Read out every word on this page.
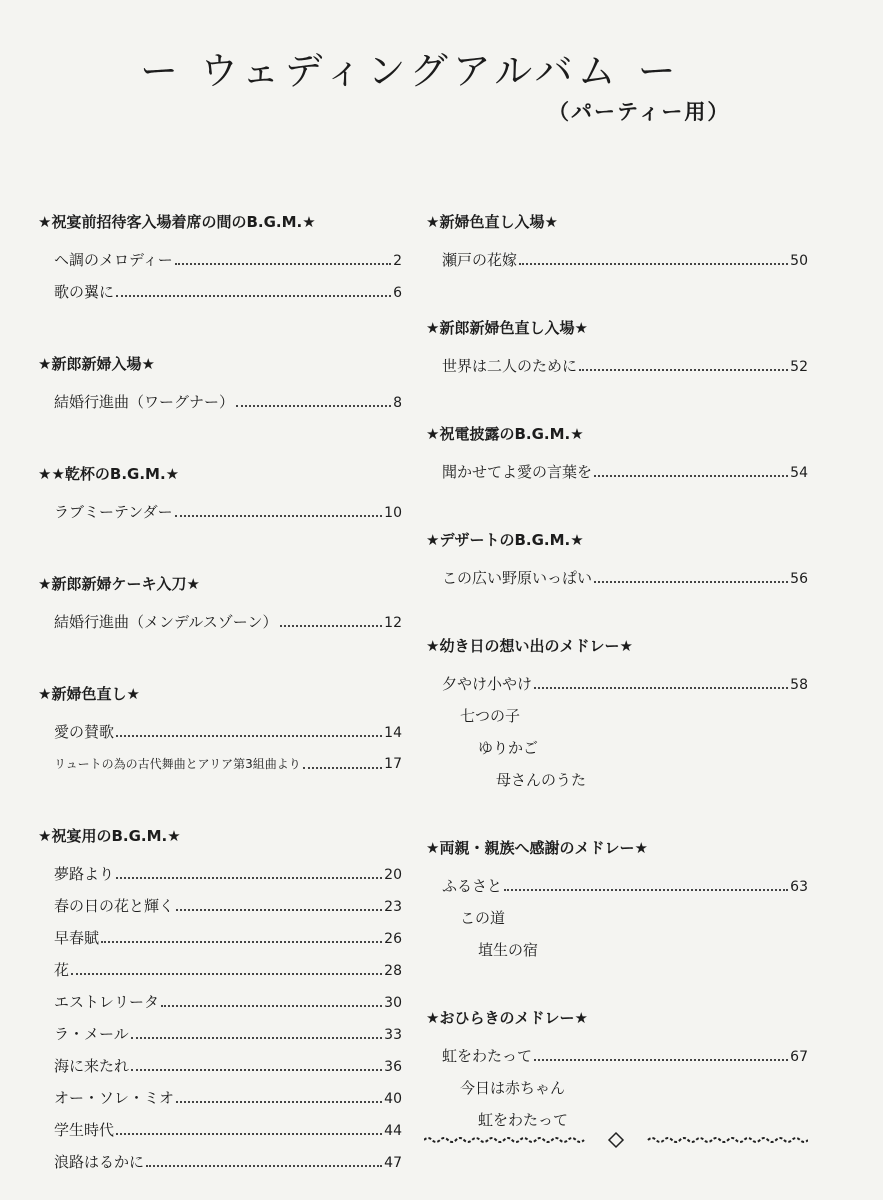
ー ウェディングアルバム ー
（パーティー用）
★祝宴前招待客入場着席の間のB.G.M.★
ヘ調のメロディー	2
歌の翼に	6
★新郎新婦入場★
結婚行進曲（ワーグナー）	8
★★乾杯のB.G.M.★
ラブミーテンダー	10
★新郎新婦ケーキ入刀★
結婚行進曲（メンデルスゾーン）	12
★新婦色直し★
愛の賛歌	14
リュートの為の古代舞曲とアリア第3組曲より	17
★祝宴用のB.G.M.★
夢路より	20
春の日の花と輝く	23
早春賦	26
花	28
エストレリータ	30
ラ・メール	33
海に来たれ	36
オー・ソレ・ミオ	40
学生時代	44
浪路はるかに	47
★新婦色直し入場★
瀬戸の花嫁	50
★新郎新婦色直し入場★
世界は二人のために	52
★祝電披露のB.G.M.★
聞かせてよ愛の言葉を	54
★デザートのB.G.M.★
この広い野原いっぱい	56
★幼き日の想い出のメドレー★
夕やけ小やけ	58
七つの子
ゆりかご
母さんのうた
★両親・親族へ感謝のメドレー★
ふるさと	63
この道
埴生の宿
★おひらきのメドレー★
虹をわたって	67
今日は赤ちゃん
虹をわたって
